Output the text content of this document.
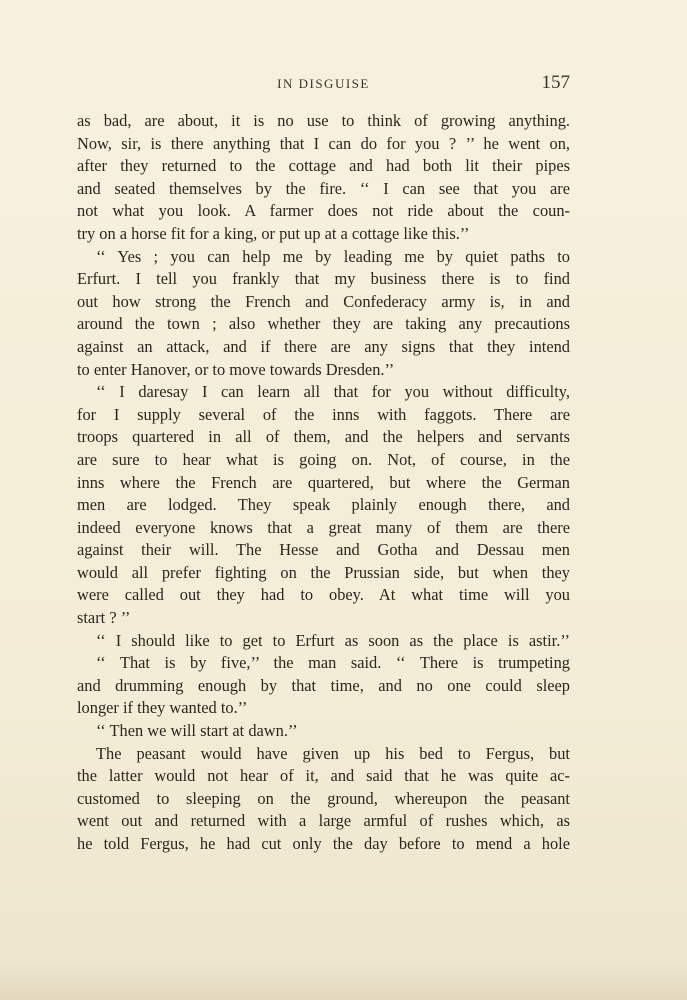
IN DISGUISE	157
as bad, are about, it is no use to think of growing anything.
Now, sir, is there anything that I can do for you ? ’’ he went on,
after they returned to the cottage and had both lit their pipes
and seated themselves by the fire. ‘‘ I can see that you are
not what you look. A farmer does not ride about the coun-
try on a horse fit for a king, or put up at a cottage like this.’’
‘‘ Yes ; you can help me by leading me by quiet paths to
Erfurt. I tell you frankly that my business there is to find
out how strong the French and Confederacy army is, in and
around the town ; also whether they are taking any precautions
against an attack, and if there are any signs that they intend
to enter Hanover, or to move towards Dresden.’’
‘‘ I daresay I can learn all that for you without difficulty,
for I supply several of the inns with faggots. There are
troops quartered in all of them, and the helpers and servants
are sure to hear what is going on. Not, of course, in the
inns where the French are quartered, but where the German
men are lodged. They speak plainly enough there, and
indeed everyone knows that a great many of them are there
against their will. The Hesse and Gotha and Dessau men
would all prefer fighting on the Prussian side, but when they
were called out they had to obey. At what time will you
start ? ’’
‘‘ I should like to get to Erfurt as soon as the place is astir.’’
‘‘ That is by five,’’ the man said. ‘‘ There is trumpeting
and drumming enough by that time, and no one could sleep
longer if they wanted to.’’
‘‘ Then we will start at dawn.’’
The peasant would have given up his bed to Fergus, but
the latter would not hear of it, and said that he was quite ac-
customed to sleeping on the ground, whereupon the peasant
went out and returned with a large armful of rushes which, as
he told Fergus, he had cut only the day before to mend a hole
